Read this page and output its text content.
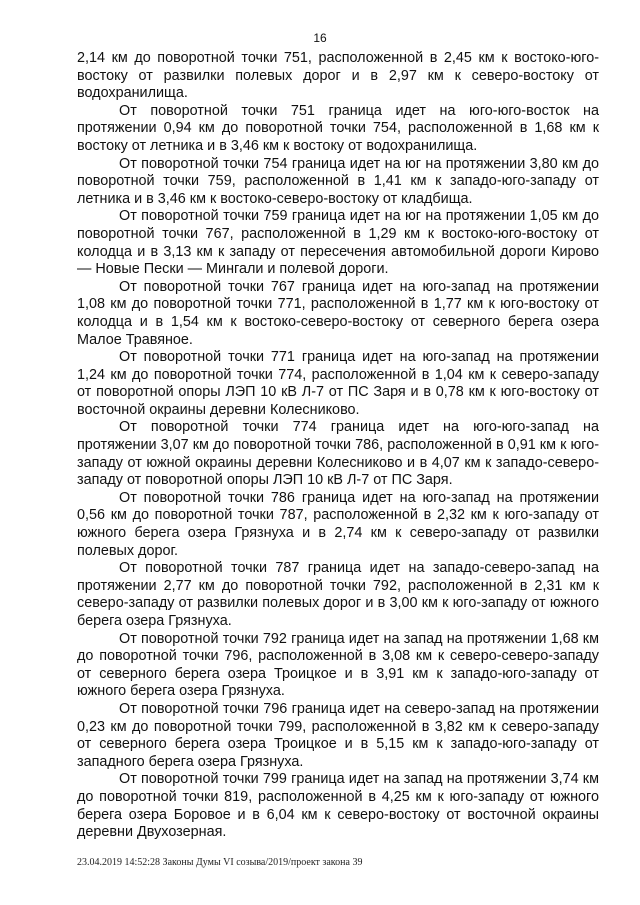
16

2,14 км до поворотной точки 751, расположенной в 2,45 км к востоко-юго-востоку от развилки полевых дорог и в 2,97 км к северо-востоку от водохранилища.

От поворотной точки 751 граница идет на юго-юго-восток на протяжении 0,94 км до поворотной точки 754, расположенной в 1,68 км к востоку от летника и в 3,46 км к востоку от водохранилища.

От поворотной точки 754 граница идет на юг на протяжении 3,80 км до поворотной точки 759, расположенной в 1,41 км к западо-юго-западу от летника и в 3,46 км к востоко-северо-востоку от кладбища.

От поворотной точки 759 граница идет на юг на протяжении 1,05 км до поворотной точки 767, расположенной в 1,29 км к востоко-юго-востоку от колодца и в 3,13 км к западу от пересечения автомобильной дороги Кирово — Новые Пески — Мингали и полевой дороги.

От поворотной точки 767 граница идет на юго-запад на протяжении 1,08 км до поворотной точки 771, расположенной в 1,77 км к юго-востоку от колодца и в 1,54 км к востоко-северо-востоку от северного берега озера Малое Травяное.

От поворотной точки 771 граница идет на юго-запад на протяжении 1,24 км до поворотной точки 774, расположенной в 1,04 км к северо-западу от поворотной опоры ЛЭП 10 кВ Л-7 от ПС Заря и в 0,78 км к юго-востоку от восточной окраины деревни Колесниково.

От поворотной точки 774 граница идет на юго-юго-запад на протяжении 3,07 км до поворотной точки 786, расположенной в 0,91 км к юго-западу от южной окраины деревни Колесниково и в 4,07 км к западо-северо-западу от поворотной опоры ЛЭП 10 кВ Л-7 от ПС Заря.

От поворотной точки 786 граница идет на юго-запад на протяжении 0,56 км до поворотной точки 787, расположенной в 2,32 км к юго-западу от южного берега озера Грязнуха и в 2,74 км к северо-западу от развилки полевых дорог.

От поворотной точки 787 граница идет на западо-северо-запад на протяжении 2,77 км до поворотной точки 792, расположенной в 2,31 км к северо-западу от развилки полевых дорог и в 3,00 км к юго-западу от южного берега озера Грязнуха.

От поворотной точки 792 граница идет на запад на протяжении 1,68 км до поворотной точки 796, расположенной в 3,08 км к северо-северо-западу от северного берега озера Троицкое и в 3,91 км к западо-юго-западу от южного берега озера Грязнуха.

От поворотной точки 796 граница идет на северо-запад на протяжении 0,23 км до поворотной точки 799, расположенной в 3,82 км к северо-западу от северного берега озера Троицкое и в 5,15 км к западо-юго-западу от западного берега озера Грязнуха.

От поворотной точки 799 граница идет на запад на протяжении 3,74 км до поворотной точки 819, расположенной в 4,25 км к юго-западу от южного берега озера Боровое и в 6,04 км к северо-востоку от восточной окраины деревни Двухозерная.

23.04.2019 14:52:28 Законы Думы VI созыва/2019/проект закона 39
